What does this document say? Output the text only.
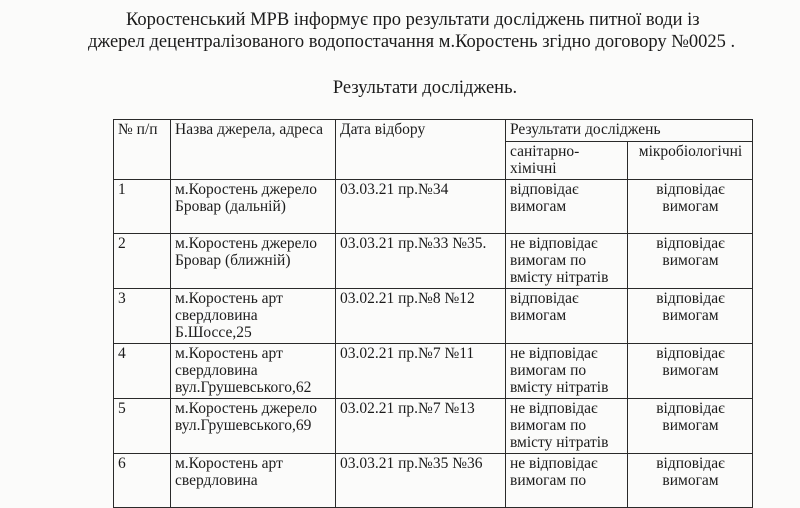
Коростенський МРВ інформує про результати досліджень питної води із
джерел децентралізованого водопостачання м.Коростень згідно договору №0025 .
Результати досліджень.
№ п/п	Назва джерела, адреса	Дата відбору	Результати досліджень	
			санітарно-хімічні	мікробіологічні
1	м.Коростень джерело Бровар (дальній)	03.03.21 пр.№34	відповідає вимогам	відповідає вимогам
2	м.Коростень джерело Бровар (ближній)	03.03.21 пр.№33 №35.	не відповідає вимогам по вмісту нітратів	відповідає вимогам
3	м.Коростень арт свердловина Б.Шоссе,25	03.02.21 пр.№8 №12	відповідає вимогам	відповідає вимогам
4	м.Коростень арт свердловина вул.Грушевського,62	03.02.21 пр.№7 №11	не відповідає вимогам по вмісту нітратів	відповідає вимогам
5	м.Коростень джерело вул.Грушевського,69	03.02.21 пр.№7 №13	не відповідає вимогам по вмісту нітратів	відповідає вимогам
6	м.Коростень арт свердловина	03.03.21 пр.№35 №36	не відповідає вимогам по	відповідає вимогам
